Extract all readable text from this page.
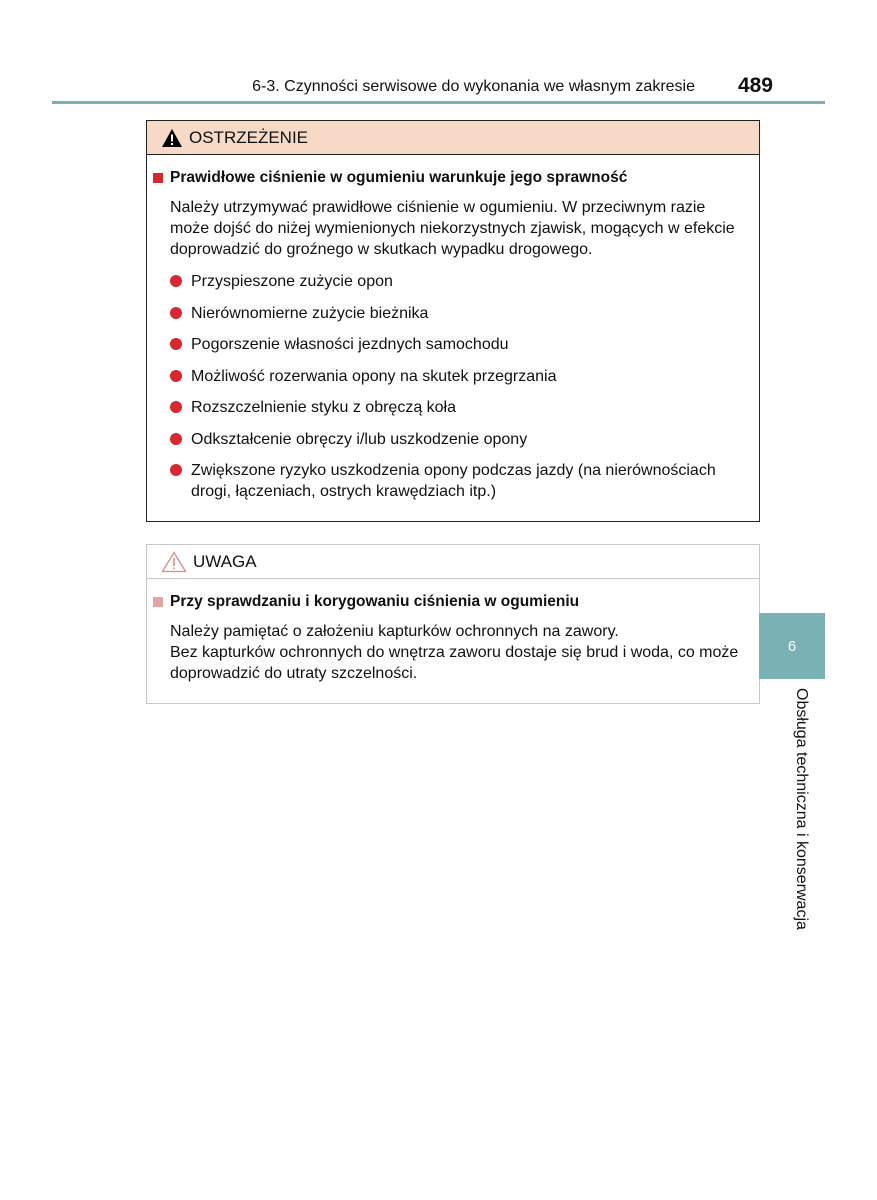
6-3. Czynności serwisowe do wykonania we własnym zakresie 489
OSTRZEŻENIE
Prawidłowe ciśnienie w ogumieniu warunkuje jego sprawność
Należy utrzymywać prawidłowe ciśnienie w ogumieniu. W przeciwnym razie może dojść do niżej wymienionych niekorzystnych zjawisk, mogących w efekcie doprowadzić do groźnego w skutkach wypadku drogowego.
Przyspieszone zużycie opon
Nierównomierne zużycie bieżnika
Pogorszenie własności jezdnych samochodu
Możliwość rozerwania opony na skutek przegrzania
Rozszczelnienie styku z obręczą koła
Odkształcenie obręczy i/lub uszkodzenie opony
Zwiększone ryzyko uszkodzenia opony podczas jazdy (na nierównościach drogi, łączeniach, ostrych krawędziach itp.)
UWAGA
Przy sprawdzaniu i korygowaniu ciśnienia w ogumieniu
Należy pamiętać o założeniu kapturków ochronnych na zawory.
Bez kapturków ochronnych do wnętrza zaworu dostaje się brud i woda, co może doprowadzić do utraty szczelności.
6
Obsługa techniczna i konserwacja
